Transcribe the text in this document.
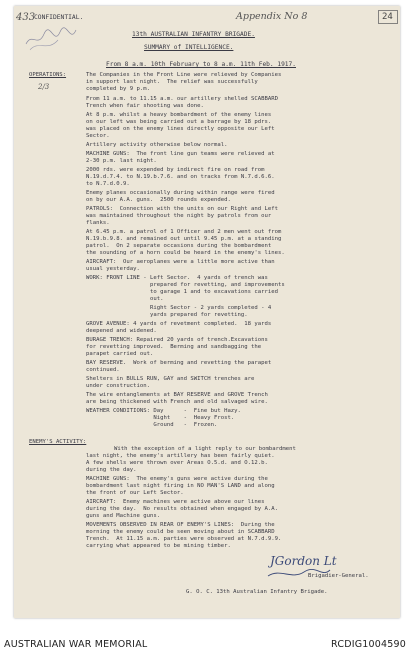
24
433
CONFIDENTIAL.	Appendix No 8
2/3
13th AUSTRALIAN INFANTRY BRIGADE.
SUMMARY of INTELLIGENCE.
From 8 a.m. 10th February to 8 a.m. 11th Feb. 1917.
OPERATIONS:	The Companies in the Front Line were relieved by Companies
in support last night.  The relief was successfully
completed by 9 p.m.
From 11 a.m. to 11.15 a.m. our artillery shelled SCABBARD
Trench when fair shooting was done.
At 8 p.m. whilst a heavy bombardment of the enemy lines
on our left was being carried out a barrage by 18 pdrs.
was placed on the enemy lines directly opposite our Left
Sector.
Artillery activity otherwise below normal.
MACHINE GUNS:  The front line gun teams were relieved at
2-30 p.m. last night.
2000 rds. were expended by indirect fire on road from
N.19.d.7.4. to N.19.b.7.6. and on tracks from N.7.d.6.6.
to N.7.d.0.9.
Enemy planes occasionally during within range were fired
on by our A.A. guns.  2500 rounds expended.
PATROLS:  Connection with the units on our Right and Left
was maintained throughout the night by patrols from our
flanks.
At 6.45 p.m. a patrol of 1 Officer and 2 men went out from
N.19.b.9.8. and remained out until 9.45 p.m. at a standing
patrol.  On 2 separate occasions during the bombardment
the sounding of a horn could be heard in the enemy's lines.
AIRCRAFT:  Our aeroplanes were a little more active than
usual yesterday.
WORK: FRONT LINE - Left Sector.  4 yards of trench was
prepared for revetting, and improvements
to garage 1 and to excavations carried
out.
Right Sector - 2 yards completed - 4
yards prepared for revetting.
GROVE AVENUE: 4 yards of revetment completed.  18 yards
deepened and widened.
BURAGE TRENCH: Repaired 20 yards of trench.Excavations
for revetting improved.  Berming and sandbagging the
parapet carried out.
BAY RESERVE.  Work of berming and revetting the parapet
continued.
Shelters in BULLS RUN, GAY and SWITCH trenches are
under construction.
The wire entanglements at BAY RESERVE and GROVE Trench
are being thickened with French and old salvaged wire.
WEATHER CONDITIONS: Day      -  Fine but Hazy.
Night    -  Heavy Frost.
Ground   -  Frozen.
ENEMY'S ACTIVITY:
With the exception of a light reply to our bombardment
last night, the enemy's artillery has been fairly quiet.
A few shells were thrown over Areas O.5.d. and O.12.b.
during the day.
MACHINE GUNS:  The enemy's guns were active during the
bombardment last night firing in NO MAN'S LAND and along
the front of our Left Sector.
AIRCRAFT:  Enemy machines were active above our lines
during the day.  No results obtained when engaged by A.A.
guns and Machine guns.
MOVEMENTS OBSERVED IN REAR OF ENEMY'S LINES:  During the
morning the enemy could be seen moving about in SCABBARD
Trench.  At 11.15 a.m. parties were observed at N.7.d.9.9.
carrying what appeared to be mining timber.
JGordon Lt
Brigadier-General.
G. O. C. 13th Australian Infantry Brigade.
AUSTRALIAN WAR MEMORIAL	RCDIG1004590
